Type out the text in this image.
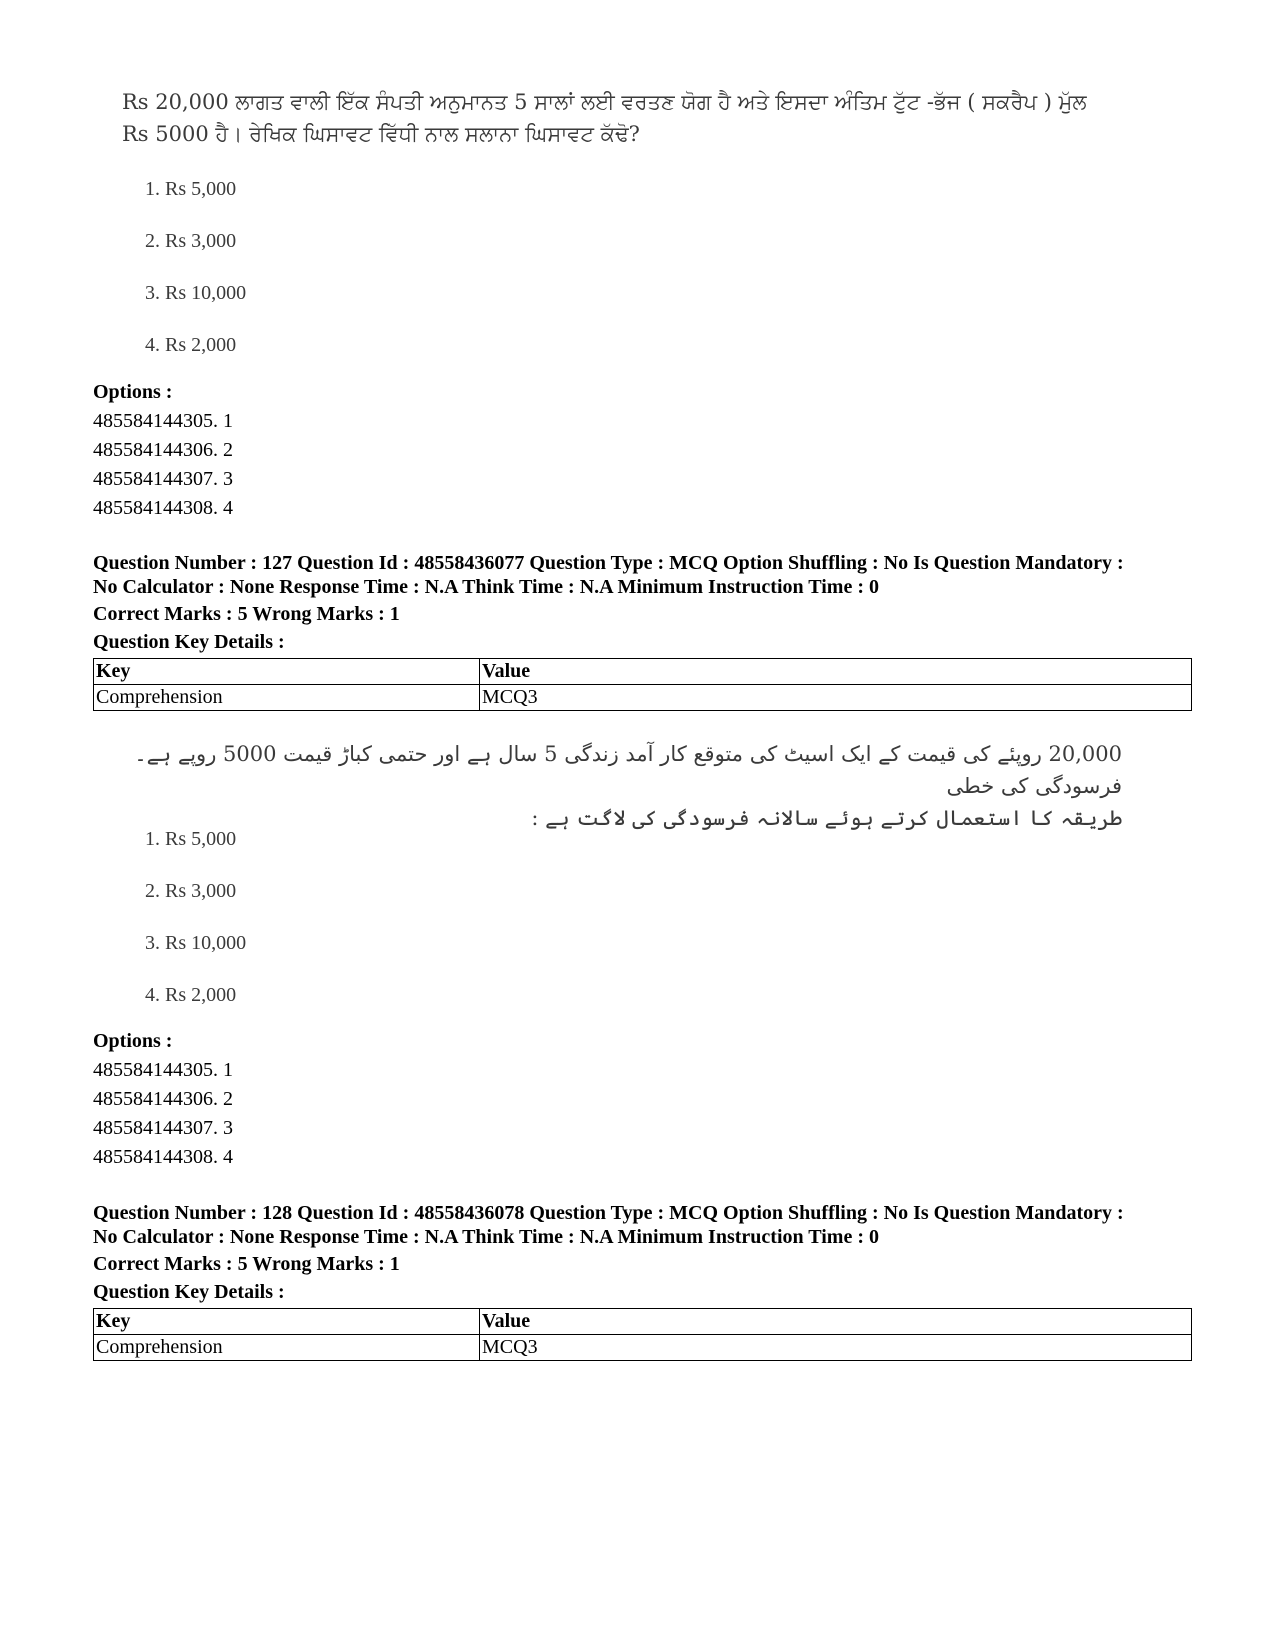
Rs 20,000 ਲਾਗਤ ਵਾਲੀ ਇੱਕ ਸੰਪਤੀ ਅਨੁਮਾਨਤ 5 ਸਾਲਾਂ ਲਈ ਵਰਤਣ ਯੋਗ ਹੈ ਅਤੇ ਇਸਦਾ ਅੰਤਿਮ ਟੁੱਟ -ਭੱਜ ( ਸਕਰੈਪ ) ਮੁੱਲ

Rs 5000 ਹੈ। ਰੇਖਿਕ ਘਿਸਾਵਟ ਵਿੱਧੀ ਨਾਲ ਸਲਾਨਾ ਘਿਸਾਵਟ ਕੱਢੋ?

1. Rs 5,000

2. Rs 3,000

3. Rs 10,000

4. Rs 2,000

Options :
485584144305. 1
485584144306. 2
485584144307. 3
485584144308. 4
Question Number : 127 Question Id : 48558436077 Question Type : MCQ Option Shuffling : No Is Question Mandatory :
No Calculator : None Response Time : N.A Think Time : N.A Minimum Instruction Time : 0
Correct Marks : 5 Wrong Marks : 1
Question Key Details :
Key	Value
Comprehension	MCQ3

20,000 روپئے کی قیمت کے ایک اسیٹ کی متوقع کار آمد زندگی 5 سال ہے اور حتمی کباڑ قیمت 5000 روپے ہے۔ فرسودگی کی خطی

طریقہ کا استعمال کرتے ہوئے سالانہ فرسودگی کی لاگت ہے :

1. Rs 5,000

2. Rs 3,000

3. Rs 10,000

4. Rs 2,000

Options :
485584144305. 1
485584144306. 2
485584144307. 3
485584144308. 4
Question Number : 128 Question Id : 48558436078 Question Type : MCQ Option Shuffling : No Is Question Mandatory :
No Calculator : None Response Time : N.A Think Time : N.A Minimum Instruction Time : 0
Correct Marks : 5 Wrong Marks : 1
Question Key Details :
Key	Value
Comprehension	MCQ3
